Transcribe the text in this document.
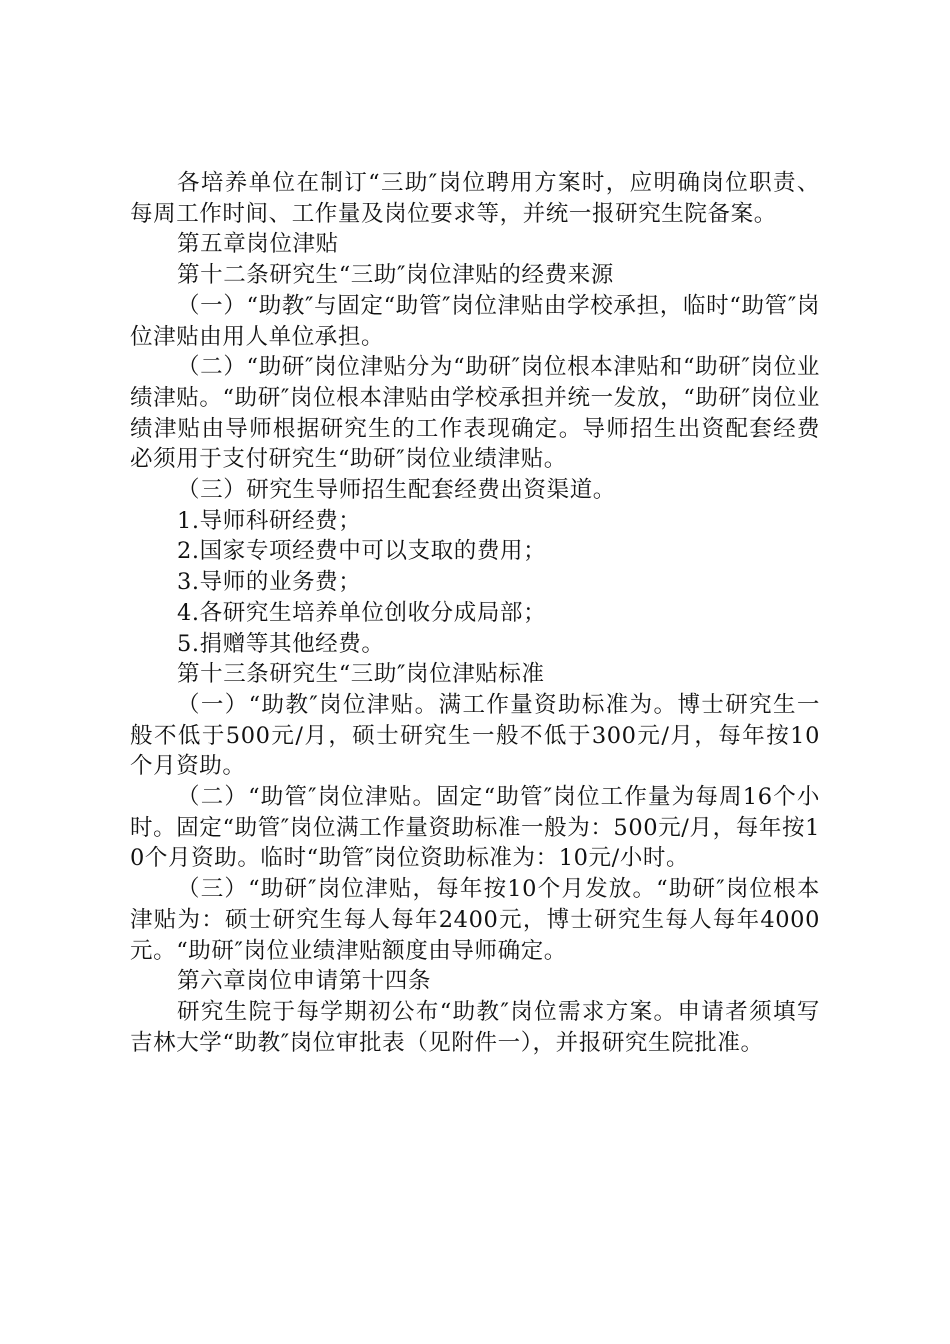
各培养单位在制订“三助″岗位聘用方案时，应明确岗位职责、每周工作时间、工作量及岗位要求等，并统一报研究生院备案。

第五章岗位津贴

第十二条研究生“三助″岗位津贴的经费来源

（一）“助教″与固定“助管″岗位津贴由学校承担，临时“助管″岗位津贴由用人单位承担。

（二）“助研″岗位津贴分为“助研″岗位根本津贴和“助研″岗位业绩津贴。“助研″岗位根本津贴由学校承担并统一发放，“助研″岗位业绩津贴由导师根据研究生的工作表现确定。导师招生出资配套经费必须用于支付研究生“助研″岗位业绩津贴。

（三）研究生导师招生配套经费出资渠道。

1.导师科研经费；

2.国家专项经费中可以支取的费用；

3.导师的业务费；

4.各研究生培养单位创收分成局部；

5.捐赠等其他经费。

第十三条研究生“三助″岗位津贴标准

（一）“助教″岗位津贴。满工作量资助标准为。博士研究生一般不低于500元/月，硕士研究生一般不低于300元/月，每年按10个月资助。

（二）“助管″岗位津贴。固定“助管″岗位工作量为每周16个小时。固定“助管″岗位满工作量资助标准一般为：500元/月，每年按10个月资助。临时“助管″岗位资助标准为：10元/小时。

（三）“助研″岗位津贴，每年按10个月发放。“助研″岗位根本津贴为：硕士研究生每人每年2400元，博士研究生每人每年4000元。“助研″岗位业绩津贴额度由导师确定。

第六章岗位申请第十四条

研究生院于每学期初公布“助教″岗位需求方案。申请者须填写吉林大学“助教″岗位审批表（见附件一），并报研究生院批准。
